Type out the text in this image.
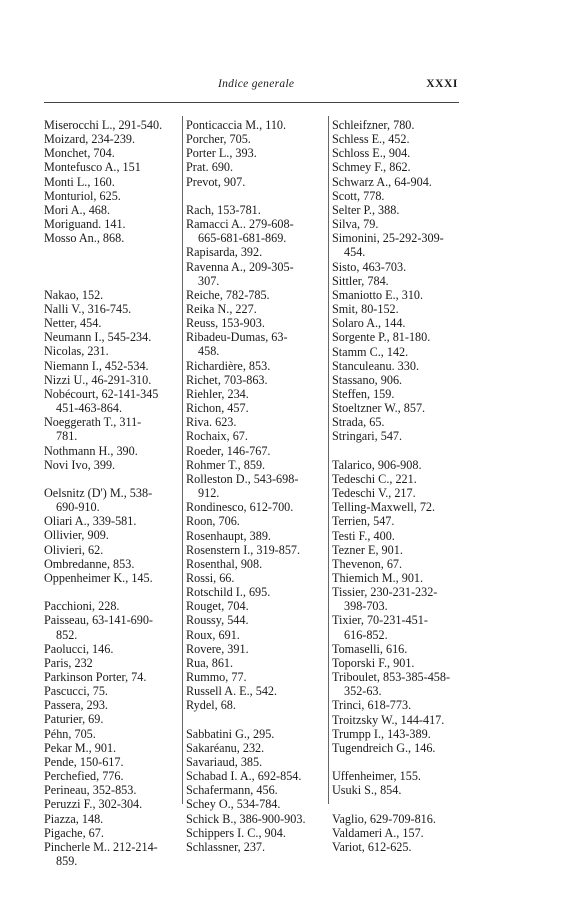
Indice generale	XXXI
Miserocchi L., 291-540.
Moizard, 234-239.
Monchet, 704.
Montefusco A., 151
Monti L., 160.
Monturiol, 625.
Mori A., 468.
Moriguand. 141.
Mosso An., 868.
Nakao, 152.
Nalli V., 316-745.
Netter, 454.
Neumann I., 545-234.
Nicolas, 231.
Niemann I., 452-534.
Nizzi U., 46-291-310.
Nobécourt, 62-141-345
451-463-864.
Noeggerath T., 311-
781.
Nothmann H., 390.
Novi Ivo, 399.
Oelsnitz (D') M., 538-
690-910.
Oliari A., 339-581.
Ollivier, 909.
Olivieri, 62.
Ombredanne, 853.
Oppenheimer K., 145.
Pacchioni, 228.
Paisseau, 63-141-690-
852.
Paolucci, 146.
Paris, 232
Parkinson Porter, 74.
Pascucci, 75.
Passera, 293.
Paturier, 69.
Péhn, 705.
Pekar M., 901.
Pende, 150-617.
Perchefied, 776.
Perineau, 352-853.
Peruzzi F., 302-304.
Piazza, 148.
Pigache, 67.
Pincherle M.. 212-214-
859.
Ponticaccia M., 110.
Porcher, 705.
Porter L., 393.
Prat. 690.
Prevot, 907.
Rach, 153-781.
Ramacci A.. 279-608-
665-681-681-869.
Rapisarda, 392.
Ravenna A., 209-305-
307.
Reiche, 782-785.
Reika N., 227.
Reuss, 153-903.
Ribadeu-Dumas, 63-
458.
Richardière, 853.
Richet, 703-863.
Riehler, 234.
Richon, 457.
Riva. 623.
Rochaix, 67.
Roeder, 146-767.
Rohmer T., 859.
Rolleston D., 543-698-
912.
Rondinesco, 612-700.
Roon, 706.
Rosenhaupt, 389.
Rosenstern I., 319-857.
Rosenthal, 908.
Rossi, 66.
Rotschild I., 695.
Rouget, 704.
Roussy, 544.
Roux, 691.
Rovere, 391.
Rua, 861.
Rummo, 77.
Russell A. E., 542.
Rydel, 68.
Sabbatini G., 295.
Sakaréanu, 232.
Savariaud, 385.
Schabad I. A., 692-854.
Schafermann, 456.
Schey O., 534-784.
Schick B., 386-900-903.
Schippers I. C., 904.
Schlassner, 237.
Schleifzner, 780.
Schless E., 452.
Schloss E., 904.
Schmey F., 862.
Schwarz A., 64-904.
Scott, 778.
Selter P., 388.
Silva, 79.
Simonini, 25-292-309-
454.
Sisto, 463-703.
Sittler, 784.
Smaniotto E., 310.
Smit, 80-152.
Solaro A., 144.
Sorgente P., 81-180.
Stamm C., 142.
Stanculeanu. 330.
Stassano, 906.
Steffen, 159.
Stoeltzner W., 857.
Strada, 65.
Stringari, 547.
Talarico, 906-908.
Tedeschi C., 221.
Tedeschi V., 217.
Telling-Maxwell, 72.
Terrien, 547.
Testi F., 400.
Tezner E, 901.
Thevenon, 67.
Thiemich M., 901.
Tissier, 230-231-232-
398-703.
Tixier, 70-231-451-
616-852.
Tomaselli, 616.
Toporski F., 901.
Triboulet, 853-385-458-
352-63.
Trinci, 618-773.
Troitzsky W., 144-417.
Trumpp I., 143-389.
Tugendreich G., 146.
Uffenheimer, 155.
Usuki S., 854.
Vaglio, 629-709-816.
Valdameri A., 157.
Variot, 612-625.
